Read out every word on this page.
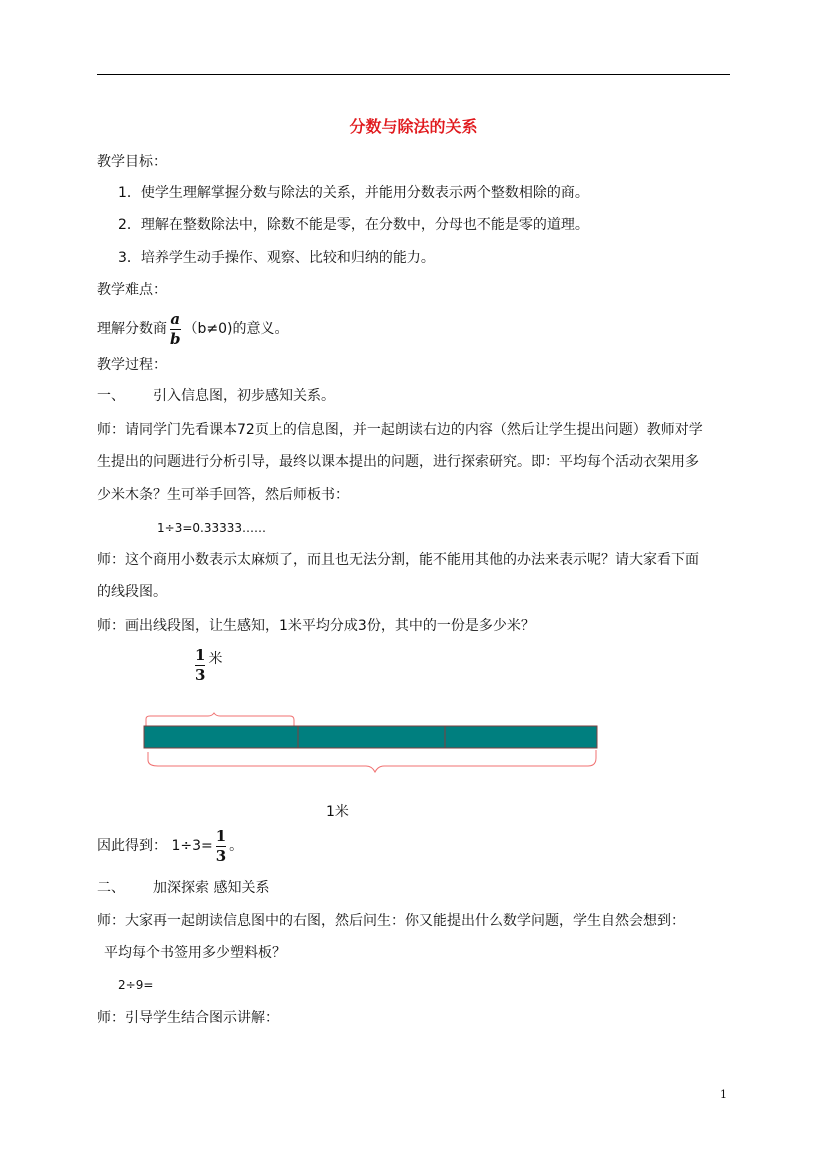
分数与除法的关系
教学目标：
1．使学生理解掌握分数与除法的关系，并能用分数表示两个整数相除的商。
2．理解在整数除法中，除数不能是零，在分数中，分母也不能是零的道理。
3．培养学生动手操作、观察、比较和归纳的能力。
教学难点：
理解分数商 $\frac{a}{b} (b\ne 0)$的意义。
教学过程：
一、 引入信息图，初步感知关系。
师：请同学门先看课本72页上的信息图，并一起朗读右边的内容（然后让学生提出问题）教师对学
生提出的问题进行分析引导，最终以课本提出的问题，进行探索研究。即：平均每个活动衣架用多
少米木条？生可举手回答，然后师板书：
1÷3=0.33333……
师：这个商用小数表示太麻烦了，而且也无法分割，能不能用其他的办法来表示呢？请大家看下面
的线段图。
师：画出线段图，让生感知，1米平均分成3份，其中的一份是多少米？
$\frac{1}{3}$ 米
1米
因此得到： $1\div 3= \frac{1}{3}$ 。
二、 加深探索 感知关系
师：大家再一起朗读信息图中的右图，然后问生：你又能提出什么数学问题，学生自然会想到：
平均每个书签用多少塑料板？
2÷9=
师：引导学生结合图示讲解：
1
